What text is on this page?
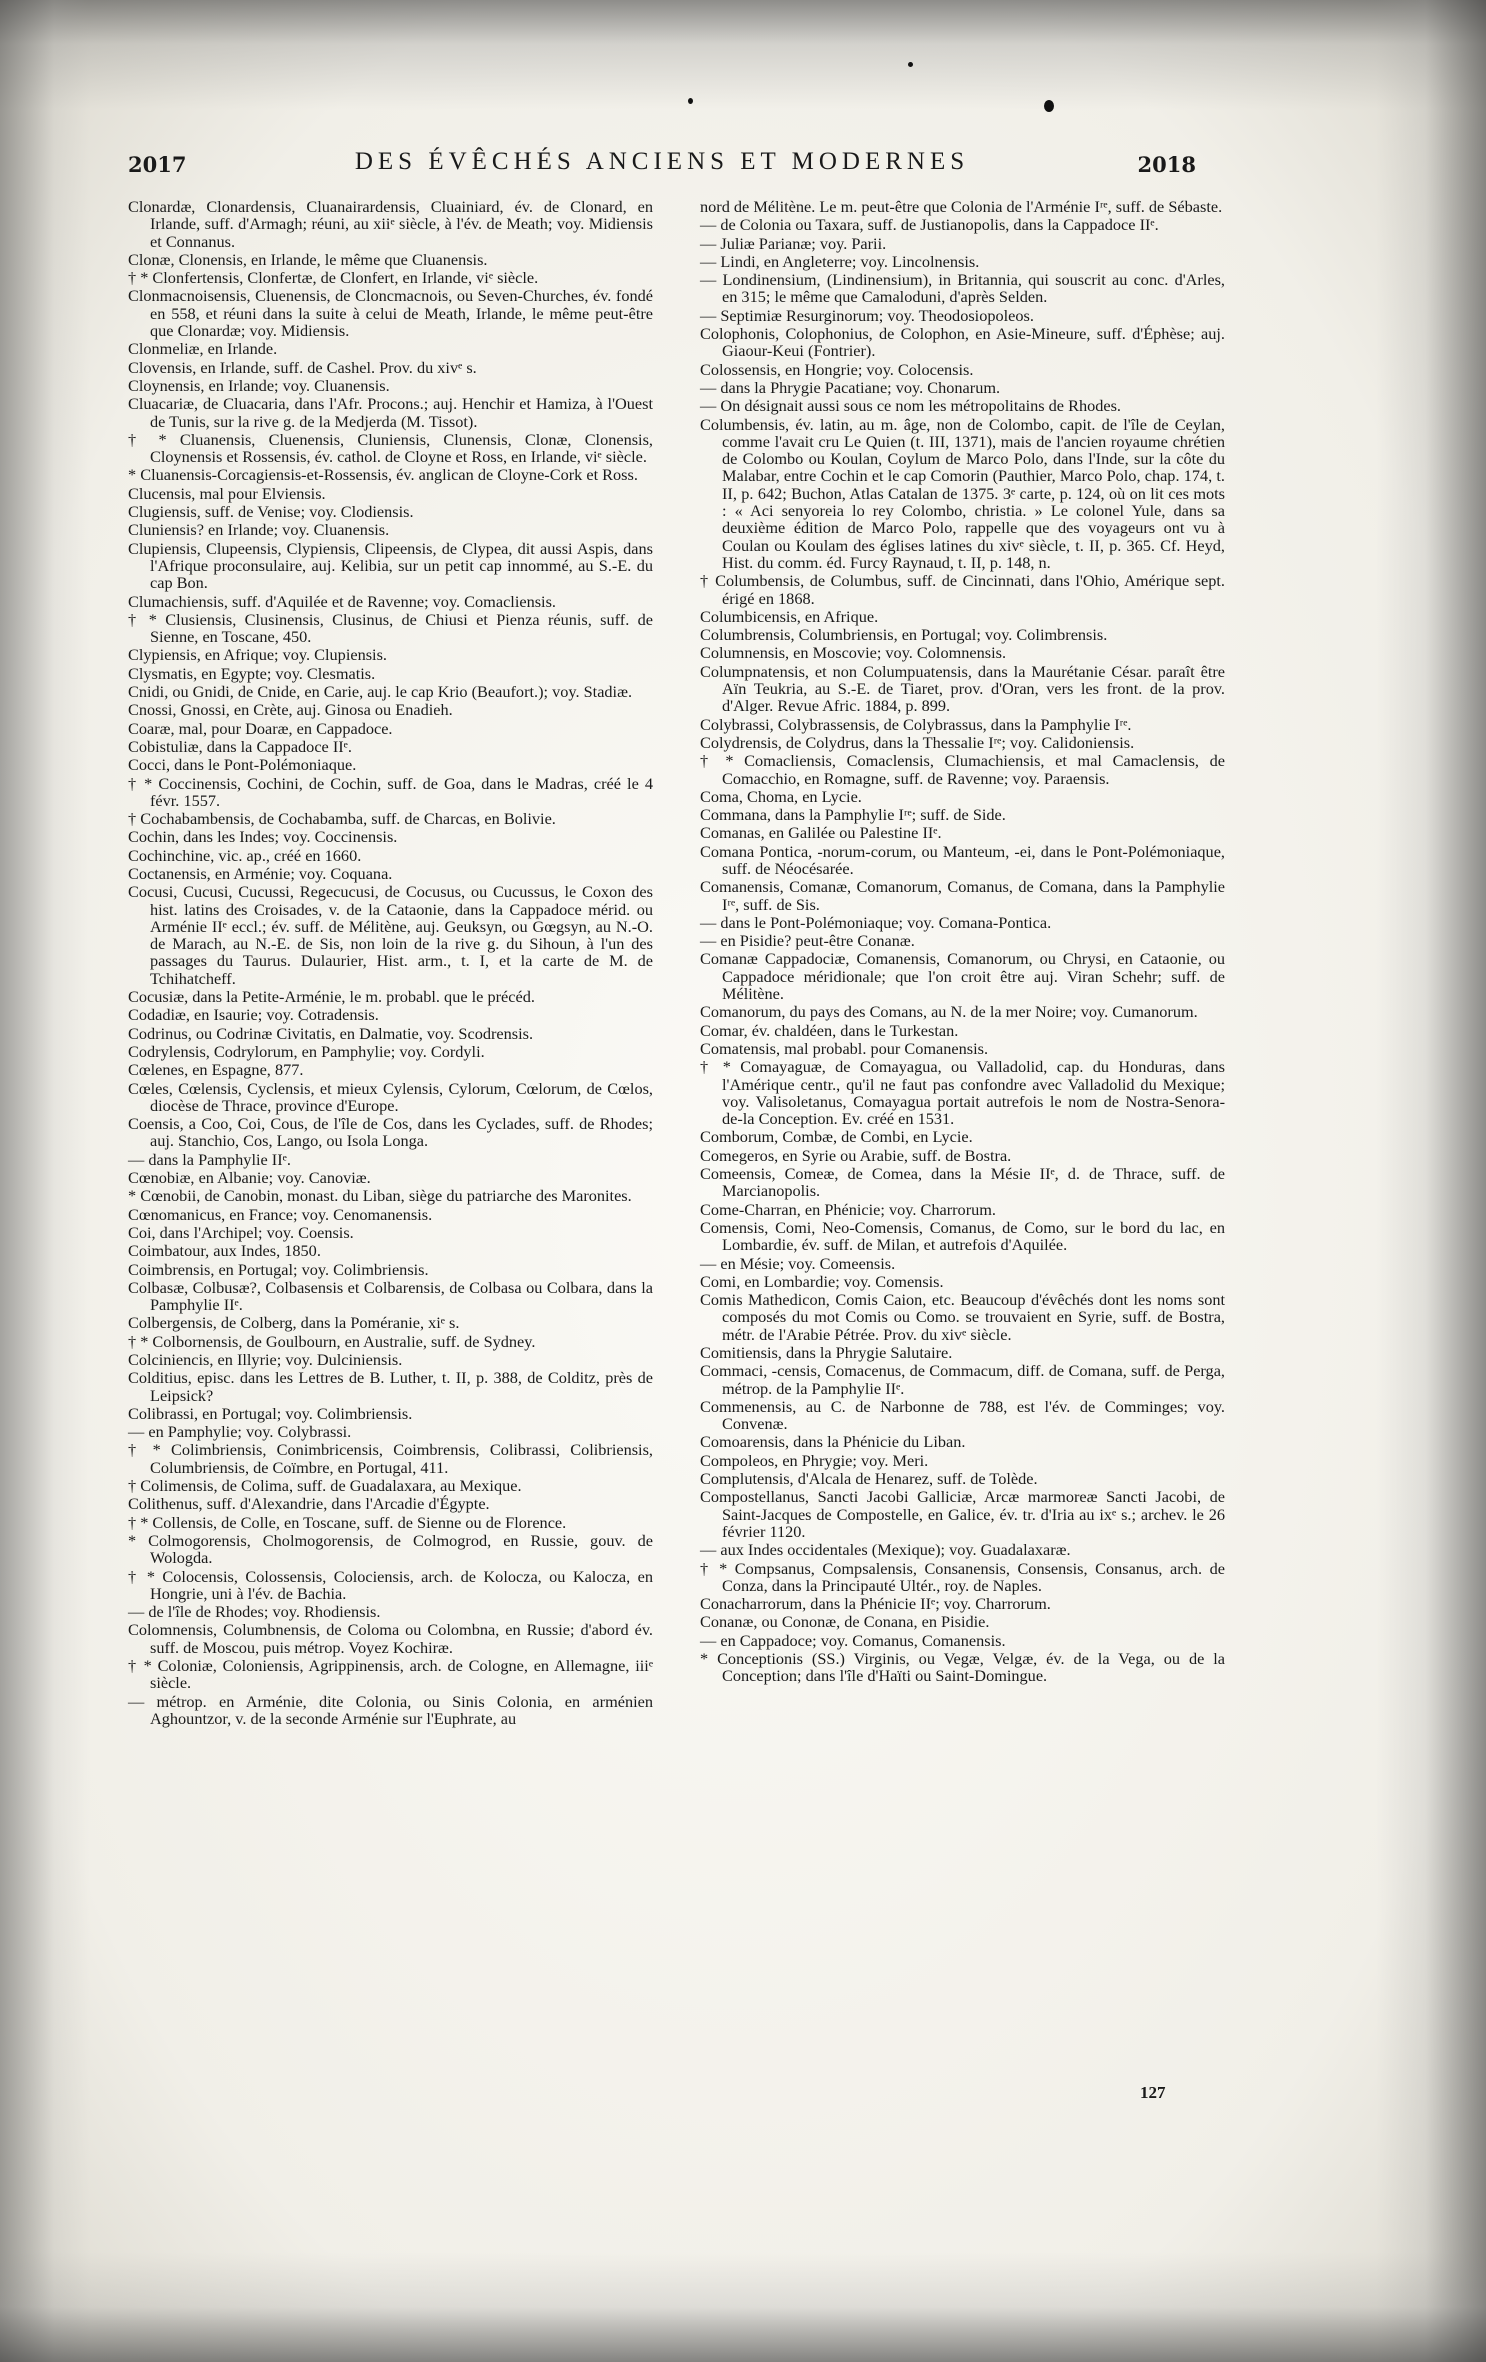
2017	DES ÉVÊCHÉS ANCIENS ET MODERNES	2018

Clonardæ, Clonardensis, Cluanairardensis, Cluainiard, év. de Clonard, en Irlande, suff. d'Armagh; réuni, au xiiᵉ siècle, à l'év. de Meath; voy. Midiensis et Connanus.

Clonæ, Clonensis, en Irlande, le même que Cluanensis.

† * Clonfertensis, Clonfertæ, de Clonfert, en Irlande, viᵉ siècle.

Clonmacnoisensis, Cluenensis, de Cloncmacnois, ou Seven-Churches, év. fondé en 558, et réuni dans la suite à celui de Meath, Irlande, le même peut-être que Clonardæ; voy. Midiensis.

Clonmeliæ, en Irlande.

Clovensis, en Irlande, suff. de Cashel. Prov. du xivᵉ s.

Cloynensis, en Irlande; voy. Cluanensis.

Cluacariæ, de Cluacaria, dans l'Afr. Procons.; auj. Henchir et Hamiza, à l'Ouest de Tunis, sur la rive g. de la Medjerda (M. Tissot).

† * Cluanensis, Cluenensis, Cluniensis, Clunensis, Clonæ, Clonensis, Cloynensis et Rossensis, év. cathol. de Cloyne et Ross, en Irlande, viᵉ siècle.

* Cluanensis-Corcagiensis-et-Rossensis, év. anglican de Cloyne-Cork et Ross.

Clucensis, mal pour Elviensis.

Clugiensis, suff. de Venise; voy. Clodiensis.

Cluniensis? en Irlande; voy. Cluanensis.

Clupiensis, Clupeensis, Clypiensis, Clipeensis, de Clypea, dit aussi Aspis, dans l'Afrique proconsulaire, auj. Kelibia, sur un petit cap innommé, au S.-E. du cap Bon.

Clumachiensis, suff. d'Aquilée et de Ravenne; voy. Comacliensis.

† * Clusiensis, Clusinensis, Clusinus, de Chiusi et Pienza réunis, suff. de Sienne, en Toscane, 450.

Clypiensis, en Afrique; voy. Clupiensis.

Clysmatis, en Egypte; voy. Clesmatis.

Cnidi, ou Gnidi, de Cnide, en Carie, auj. le cap Krio (Beaufort.); voy. Stadiæ.

Cnossi, Gnossi, en Crète, auj. Ginosa ou Enadieh.

Coaræ, mal, pour Doaræ, en Cappadoce.

Cobistuliæ, dans la Cappadoce IIᵉ.

Cocci, dans le Pont-Polémoniaque.

† * Coccinensis, Cochini, de Cochin, suff. de Goa, dans le Madras, créé le 4 févr. 1557.

† Cochabambensis, de Cochabamba, suff. de Charcas, en Bolivie.

Cochin, dans les Indes; voy. Coccinensis.

Cochinchine, vic. ap., créé en 1660.

Coctanensis, en Arménie; voy. Coquana.

Cocusi, Cucusi, Cucussi, Regecucusi, de Cocusus, ou Cucussus, le Coxon des hist. latins des Croisades, v. de la Cataonie, dans la Cappadoce mérid. ou Arménie IIᵉ eccl.; év. suff. de Mélitène, auj. Geuksyn, ou Gœgsyn, au N.-O. de Marach, au N.-E. de Sis, non loin de la rive g. du Sihoun, à l'un des passages du Taurus. Dulaurier, Hist. arm., t. I, et la carte de M. de Tchihatcheff.

Cocusiæ, dans la Petite-Arménie, le m. probabl. que le précéd.

Codadiæ, en Isaurie; voy. Cotradensis.

Codrinus, ou Codrinæ Civitatis, en Dalmatie, voy. Scodrensis.

Codrylensis, Codrylorum, en Pamphylie; voy. Cordyli.

Cœlenes, en Espagne, 877.

Cœles, Cœlensis, Cyclensis, et mieux Cylensis, Cylorum, Cœlorum, de Cœlos, diocèse de Thrace, province d'Europe.

Coensis, a Coo, Coi, Cous, de l'île de Cos, dans les Cyclades, suff. de Rhodes; auj. Stanchio, Cos, Lango, ou Isola Longa.

— dans la Pamphylie IIᵉ.

Cœnobiæ, en Albanie; voy. Canoviæ.

* Cœnobii, de Canobin, monast. du Liban, siège du patriarche des Maronites.

Cœnomanicus, en France; voy. Cenomanensis.

Coi, dans l'Archipel; voy. Coensis.

Coimbatour, aux Indes, 1850.

Coimbrensis, en Portugal; voy. Colimbriensis.

Colbasæ, Colbusæ?, Colbasensis et Colbarensis, de Colbasa ou Colbara, dans la Pamphylie IIᵉ.

Colbergensis, de Colberg, dans la Poméranie, xiᵉ s.

† * Colbornensis, de Goulbourn, en Australie, suff. de Sydney.

Colciniencis, en Illyrie; voy. Dulciniensis.

Colditius, episc. dans les Lettres de B. Luther, t. II, p. 388, de Colditz, près de Leipsick?

Colibrassi, en Portugal; voy. Colimbriensis.

— en Pamphylie; voy. Colybrassi.

† * Colimbriensis, Conimbricensis, Coimbrensis, Colibrassi, Colibriensis, Columbriensis, de Coïmbre, en Portugal, 411.

† Colimensis, de Colima, suff. de Guadalaxara, au Mexique.

Colithenus, suff. d'Alexandrie, dans l'Arcadie d'Égypte.

† * Collensis, de Colle, en Toscane, suff. de Sienne ou de Florence.

* Colmogorensis, Cholmogorensis, de Colmogrod, en Russie, gouv. de Wologda.

† * Colocensis, Colossensis, Colociensis, arch. de Kolocza, ou Kalocza, en Hongrie, uni à l'év. de Bachia.

— de l'île de Rhodes; voy. Rhodiensis.

Colomnensis, Columbnensis, de Coloma ou Colombna, en Russie; d'abord év. suff. de Moscou, puis métrop. Voyez Kochiræ.

† * Coloniæ, Coloniensis, Agrippinensis, arch. de Cologne, en Allemagne, iiiᵉ siècle.

— métrop. en Arménie, dite Colonia, ou Sinis Colonia, en arménien Aghountzor, v. de la seconde Arménie sur l'Euphrate, au

nord de Mélitène. Le m. peut-être que Colonia de l'Arménie Iʳᵉ, suff. de Sébaste.

— de Colonia ou Taxara, suff. de Justianopolis, dans la Cappadoce IIᵉ.

— Juliæ Parianæ; voy. Parii.

— Lindi, en Angleterre; voy. Lincolnensis.

— Londinensium, (Lindinensium), in Britannia, qui souscrit au conc. d'Arles, en 315; le même que Camaloduni, d'après Selden.

— Septimiæ Resurginorum; voy. Theodosiopoleos.

Colophonis, Colophonius, de Colophon, en Asie-Mineure, suff. d'Éphèse; auj. Giaour-Keui (Fontrier).

Colossensis, en Hongrie; voy. Colocensis.

— dans la Phrygie Pacatiane; voy. Chonarum.

— On désignait aussi sous ce nom les métropolitains de Rhodes.

Columbensis, év. latin, au m. âge, non de Colombo, capit. de l'île de Ceylan, comme l'avait cru Le Quien (t. III, 1371), mais de l'ancien royaume chrétien de Colombo ou Koulan, Coylum de Marco Polo, dans l'Inde, sur la côte du Malabar, entre Cochin et le cap Comorin (Pauthier, Marco Polo, chap. 174, t. II, p. 642; Buchon, Atlas Catalan de 1375. 3ᵉ carte, p. 124, où on lit ces mots : « Aci senyoreia lo rey Colombo, christia. » Le colonel Yule, dans sa deuxième édition de Marco Polo, rappelle que des voyageurs ont vu à Coulan ou Koulam des églises latines du xivᵉ siècle, t. II, p. 365. Cf. Heyd, Hist. du comm. éd. Furcy Raynaud, t. II, p. 148, n.

† Columbensis, de Columbus, suff. de Cincinnati, dans l'Ohio, Amérique sept. érigé en 1868.

Columbicensis, en Afrique.

Columbrensis, Columbriensis, en Portugal; voy. Colimbrensis.

Columnensis, en Moscovie; voy. Colomnensis.

Columpnatensis, et non Columpuatensis, dans la Maurétanie César. paraît être Aïn Teukria, au S.-E. de Tiaret, prov. d'Oran, vers les front. de la prov. d'Alger. Revue Afric. 1884, p. 899.

Colybrassi, Colybrassensis, de Colybrassus, dans la Pamphylie Iʳᵉ.

Colydrensis, de Colydrus, dans la Thessalie Iʳᵉ; voy. Calidoniensis.

† * Comacliensis, Comaclensis, Clumachiensis, et mal Camaclensis, de Comacchio, en Romagne, suff. de Ravenne; voy. Paraensis.

Coma, Choma, en Lycie.

Commana, dans la Pamphylie Iʳᵉ; suff. de Side.

Comanas, en Galilée ou Palestine IIᵉ.

Comana Pontica, -norum-corum, ou Manteum, -ei, dans le Pont-Polémoniaque, suff. de Néocésarée.

Comanensis, Comanæ, Comanorum, Comanus, de Comana, dans la Pamphylie Iʳᵉ, suff. de Sis.

— dans le Pont-Polémoniaque; voy. Comana-Pontica.

— en Pisidie? peut-être Conanæ.

Comanæ Cappadociæ, Comanensis, Comanorum, ou Chrysi, en Cataonie, ou Cappadoce méridionale; que l'on croit être auj. Viran Schehr; suff. de Mélitène.

Comanorum, du pays des Comans, au N. de la mer Noire; voy. Cumanorum.

Comar, év. chaldéen, dans le Turkestan.

Comatensis, mal probabl. pour Comanensis.

† * Comayaguæ, de Comayagua, ou Valladolid, cap. du Honduras, dans l'Amérique centr., qu'il ne faut pas confondre avec Valladolid du Mexique; voy. Valisoletanus, Comayagua portait autrefois le nom de Nostra-Senora-de-la Conception. Ev. créé en 1531.

Comborum, Combæ, de Combi, en Lycie.

Comegeros, en Syrie ou Arabie, suff. de Bostra.

Comeensis, Comeæ, de Comea, dans la Mésie IIᵉ, d. de Thrace, suff. de Marcianopolis.

Come-Charran, en Phénicie; voy. Charrorum.

Comensis, Comi, Neo-Comensis, Comanus, de Como, sur le bord du lac, en Lombardie, év. suff. de Milan, et autrefois d'Aquilée.

— en Mésie; voy. Comeensis.

Comi, en Lombardie; voy. Comensis.

Comis Mathedicon, Comis Caion, etc. Beaucoup d'évêchés dont les noms sont composés du mot Comis ou Como. se trouvaient en Syrie, suff. de Bostra, métr. de l'Arabie Pétrée. Prov. du xivᵉ siècle.

Comitiensis, dans la Phrygie Salutaire.

Commaci, -censis, Comacenus, de Commacum, diff. de Comana, suff. de Perga, métrop. de la Pamphylie IIᵉ.

Commenensis, au C. de Narbonne de 788, est l'év. de Comminges; voy. Convenæ.

Comoarensis, dans la Phénicie du Liban.

Compoleos, en Phrygie; voy. Meri.

Complutensis, d'Alcala de Henarez, suff. de Tolède.

Compostellanus, Sancti Jacobi Galliciæ, Arcæ marmoreæ Sancti Jacobi, de Saint-Jacques de Compostelle, en Galice, év. tr. d'Iria au ixᵉ s.; archev. le 26 février 1120.

— aux Indes occidentales (Mexique); voy. Guadalaxaræ.

† * Compsanus, Compsalensis, Consanensis, Consensis, Consanus, arch. de Conza, dans la Principauté Ultér., roy. de Naples.

Conacharrorum, dans la Phénicie IIᵉ; voy. Charrorum.

Conanæ, ou Cononæ, de Conana, en Pisidie.

— en Cappadoce; voy. Comanus, Comanensis.

* Conceptionis (SS.) Virginis, ou Vegæ, Velgæ, év. de la Vega, ou de la Conception; dans l'île d'Haïti ou Saint-Domingue.

127
